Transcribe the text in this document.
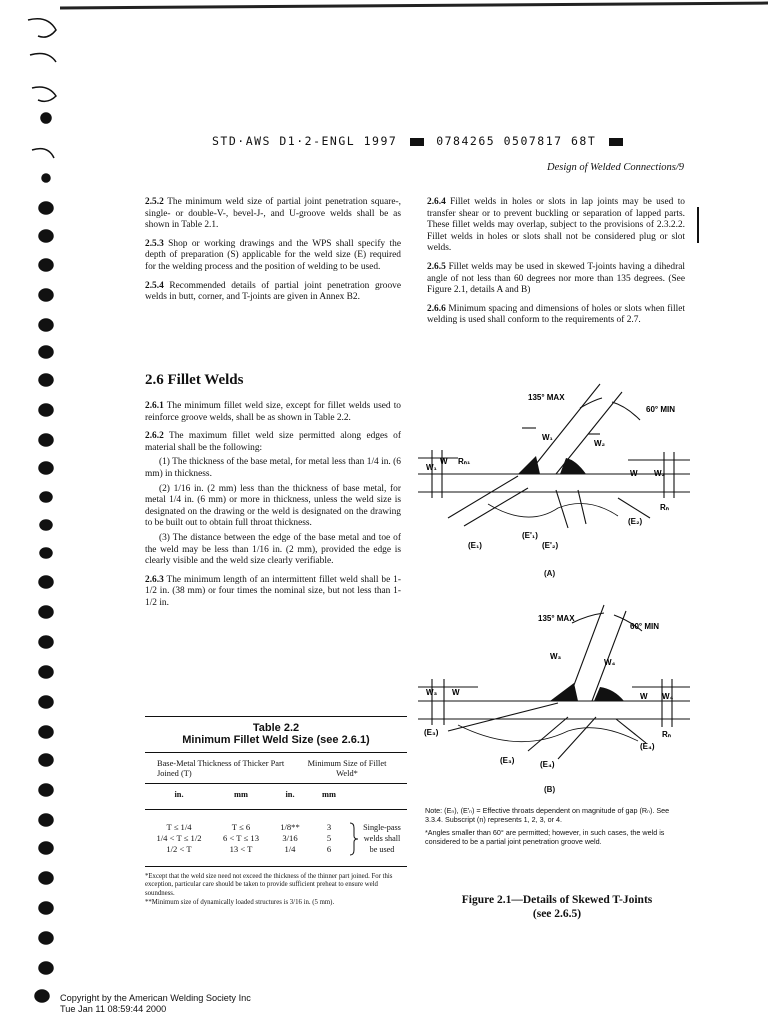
STD·AWS D1·2-ENGL 1997	0784265 0507817 68T
Design of Welded Connections/9

2.5.2 The minimum weld size of partial joint penetration square-, single- or double-V-, bevel-J-, and U-groove welds shall be as shown in Table 2.1.

2.5.3 Shop or working drawings and the WPS shall specify the depth of preparation (S) applicable for the weld size (E) required for the welding process and the position of welding to be used.

2.5.4 Recommended details of partial joint penetration groove welds in butt, corner, and T-joints are given in Annex B2.

2.6 Fillet Welds

2.6.1 The minimum fillet weld size, except for fillet welds used to reinforce groove welds, shall be as shown in Table 2.2.

2.6.2 The maximum fillet weld size permitted along edges of material shall be the following:

(1) The thickness of the base metal, for metal less than 1/4 in. (6 mm) in thickness.

(2) 1/16 in. (2 mm) less than the thickness of base metal, for metal 1/4 in. (6 mm) or more in thickness, unless the weld size is designated on the drawing or the weld is designated on the drawing to be built out to obtain full throat thickness.

(3) The distance between the edge of the base metal and toe of the weld may be less than 1/16 in. (2 mm), provided the edge is clearly visible and the weld size clearly verifiable.

2.6.3 The minimum length of an intermittent fillet weld shall be 1-1/2 in. (38 mm) or four times the nominal size, but not less than 1-1/2 in.

Table 2.2
Minimum Fillet Weld Size (see 2.6.1)
Base-Metal Thickness of Thicker Part Joined (T)
Minimum Size of Fillet Weld*
in.	mm	in.	mm
T ≤ 1/4	T ≤ 6	1/8**	3
1/4 < T ≤ 1/2	6 < T ≤ 13	3/16	5
1/2 < T	13 < T	1/4	6
Single-pass
welds shall
be used
*Except that the weld size need not exceed the thickness of the thinner part joined. For this exception, particular care should be taken to provide sufficient preheat to ensure weld soundness.
**Minimum size of dynamically loaded structures is 3/16 in. (5 mm).

2.6.4 Fillet welds in holes or slots in lap joints may be used to transfer shear or to prevent buckling or separation of lapped parts. These fillet welds may overlap, subject to the provisions of 2.3.2.2. Fillet welds in holes or slots shall not be considered plug or slot welds.

2.6.5 Fillet welds may be used in skewed T-joints having a dihedral angle of not less than 60 degrees nor more than 135 degrees. (See Figure 2.1, details A and B)

2.6.6 Minimum spacing and dimensions of holes or slots when fillet welding is used shall conform to the requirements of 2.7.

135° MAX
60° MIN
W₁
W₂
W₁
W Rₙ₁
W W₂
Rₙ
(E₂)
(E'₁)
(E₁)	(E'₂)
(A)
135° MAX
60° MIN
W₃
W₄
W₃ W	W W₄
Rₙ
(E₃)
(E₃)	(E₄)
(E₄)
(B)

Note: (Eₙ), (E'ₙ) = Effective throats dependent on magnitude of gap (Rₙ). See 3.3.4. Subscript (n) represents 1, 2, 3, or 4.

*Angles smaller than 60° are permitted; however, in such cases, the weld is considered to be a partial joint penetration groove weld.

Figure 2.1—Details of Skewed T-Joints
(see 2.6.5)
Copyright by the American Welding Society Inc
Tue Jan 11 08:59:44 2000
